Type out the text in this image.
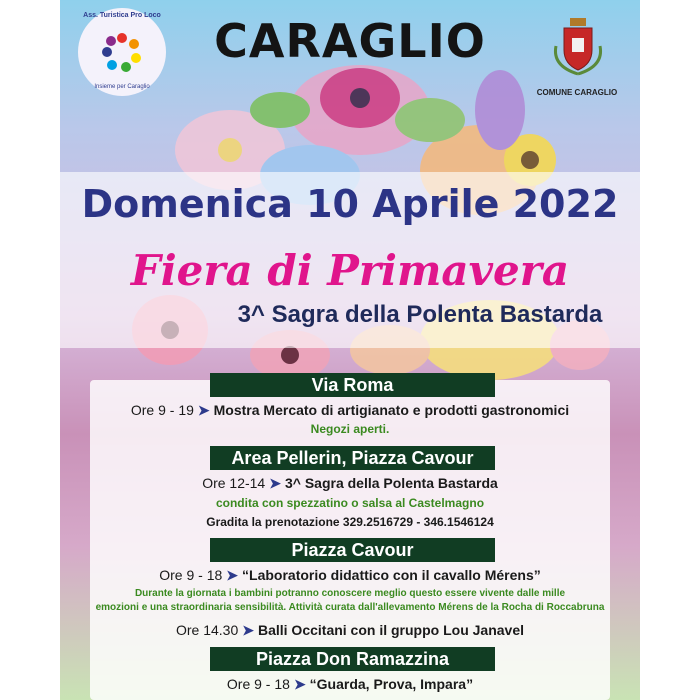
Ass. Turistica Pro Loco
Insieme per Caraglio
CARAGLIO
COMUNE CARAGLIO
Domenica 10 Aprile 2022
Fiera di Primavera
3^ Sagra della Polenta Bastarda
Via Roma
Ore 9 - 19 ➤ Mostra Mercato di artigianato e prodotti gastronomici
Negozi aperti.
Area Pellerin, Piazza Cavour
Ore 12-14 ➤ 3^ Sagra della Polenta Bastarda
condita con spezzatino o salsa al Castelmagno
Gradita la prenotazione 329.2516729 - 346.1546124
Piazza Cavour
Ore 9 - 18 ➤ “Laboratorio didattico con il cavallo Mérens”
Durante la giornata i bambini potranno conoscere meglio questo essere vivente dalle mille
emozioni e una straordinaria sensibilità. Attività curata dall'allevamento Mérens de la Rocha di Roccabruna
Ore 14.30 ➤ Balli Occitani con il gruppo Lou Janavel
Piazza Don Ramazzina
Ore 9 - 18 ➤ “Guarda, Prova, Impara”
